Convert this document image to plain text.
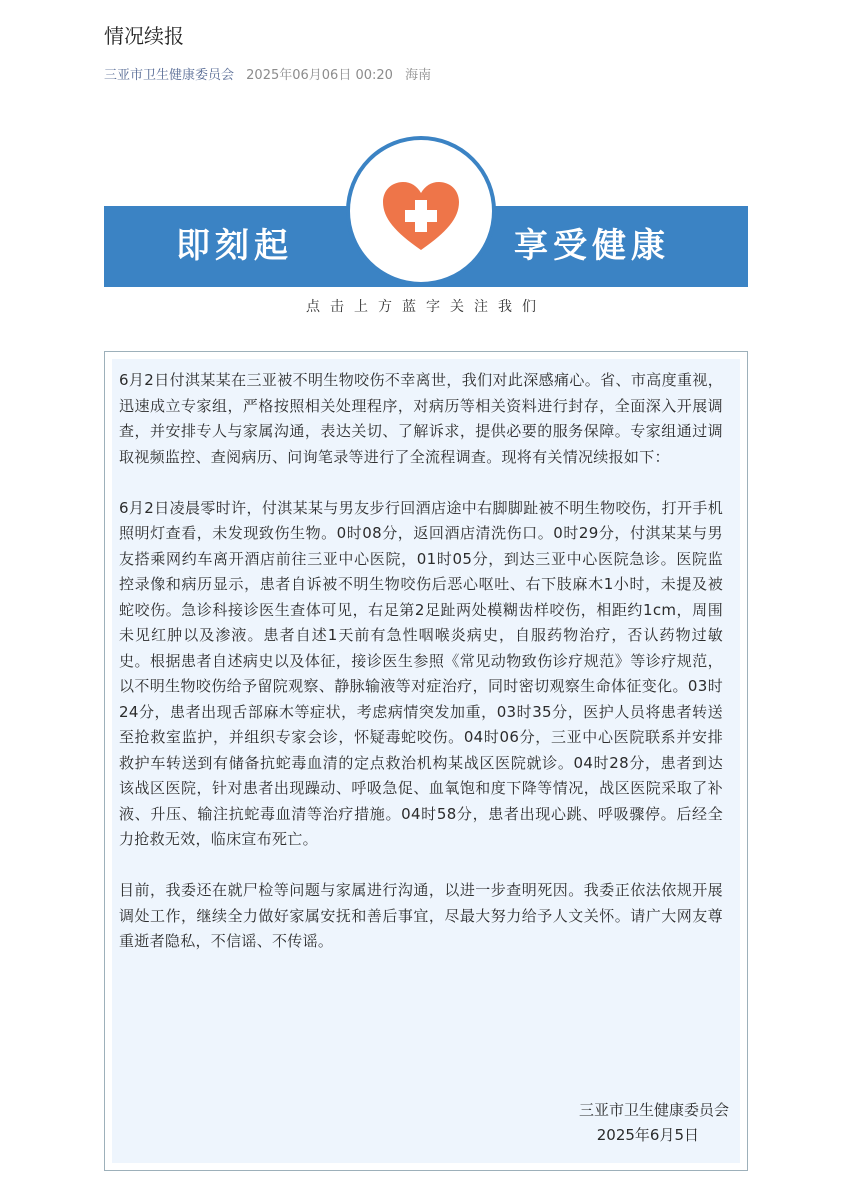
情况续报
三亚市卫生健康委员会 2025年06月06日 00:20 海南
即刻起	享受健康
点击上方蓝字关注我们

6月2日付淇某某在三亚被不明生物咬伤不幸离世，我们对此深感痛心。省、市高度重视，迅速成立专家组，严格按照相关处理程序，对病历等相关资料进行封存，全面深入开展调查，并安排专人与家属沟通，表达关切、了解诉求，提供必要的服务保障。专家组通过调取视频监控、查阅病历、问询笔录等进行了全流程调查。现将有关情况续报如下：

6月2日凌晨零时许，付淇某某与男友步行回酒店途中右脚脚趾被不明生物咬伤，打开手机照明灯查看，未发现致伤生物。0时08分，返回酒店清洗伤口。0时29分，付淇某某与男友搭乘网约车离开酒店前往三亚中心医院，01时05分，到达三亚中心医院急诊。医院监控录像和病历显示，患者自诉被不明生物咬伤后恶心呕吐、右下肢麻木1小时，未提及被蛇咬伤。急诊科接诊医生查体可见，右足第2足趾两处模糊齿样咬伤，相距约1cm，周围未见红肿以及渗液。患者自述1天前有急性咽喉炎病史，自服药物治疗，否认药物过敏史。根据患者自述病史以及体征，接诊医生参照《常见动物致伤诊疗规范》等诊疗规范，以不明生物咬伤给予留院观察、静脉输液等对症治疗，同时密切观察生命体征变化。03时24分，患者出现舌部麻木等症状，考虑病情突发加重，03时35分，医护人员将患者转送至抢救室监护，并组织专家会诊，怀疑毒蛇咬伤。04时06分，三亚中心医院联系并安排救护车转送到有储备抗蛇毒血清的定点救治机构某战区医院就诊。04时28分，患者到达该战区医院，针对患者出现躁动、呼吸急促、血氧饱和度下降等情况，战区医院采取了补液、升压、输注抗蛇毒血清等治疗措施。04时58分，患者出现心跳、呼吸骤停。后经全力抢救无效，临床宣布死亡。

目前，我委还在就尸检等问题与家属进行沟通，以进一步查明死因。我委正依法依规开展调处工作，继续全力做好家属安抚和善后事宜，尽最大努力给予人文关怀。请广大网友尊重逝者隐私，不信谣、不传谣。

三亚市卫生健康委员会
2025年6月5日
